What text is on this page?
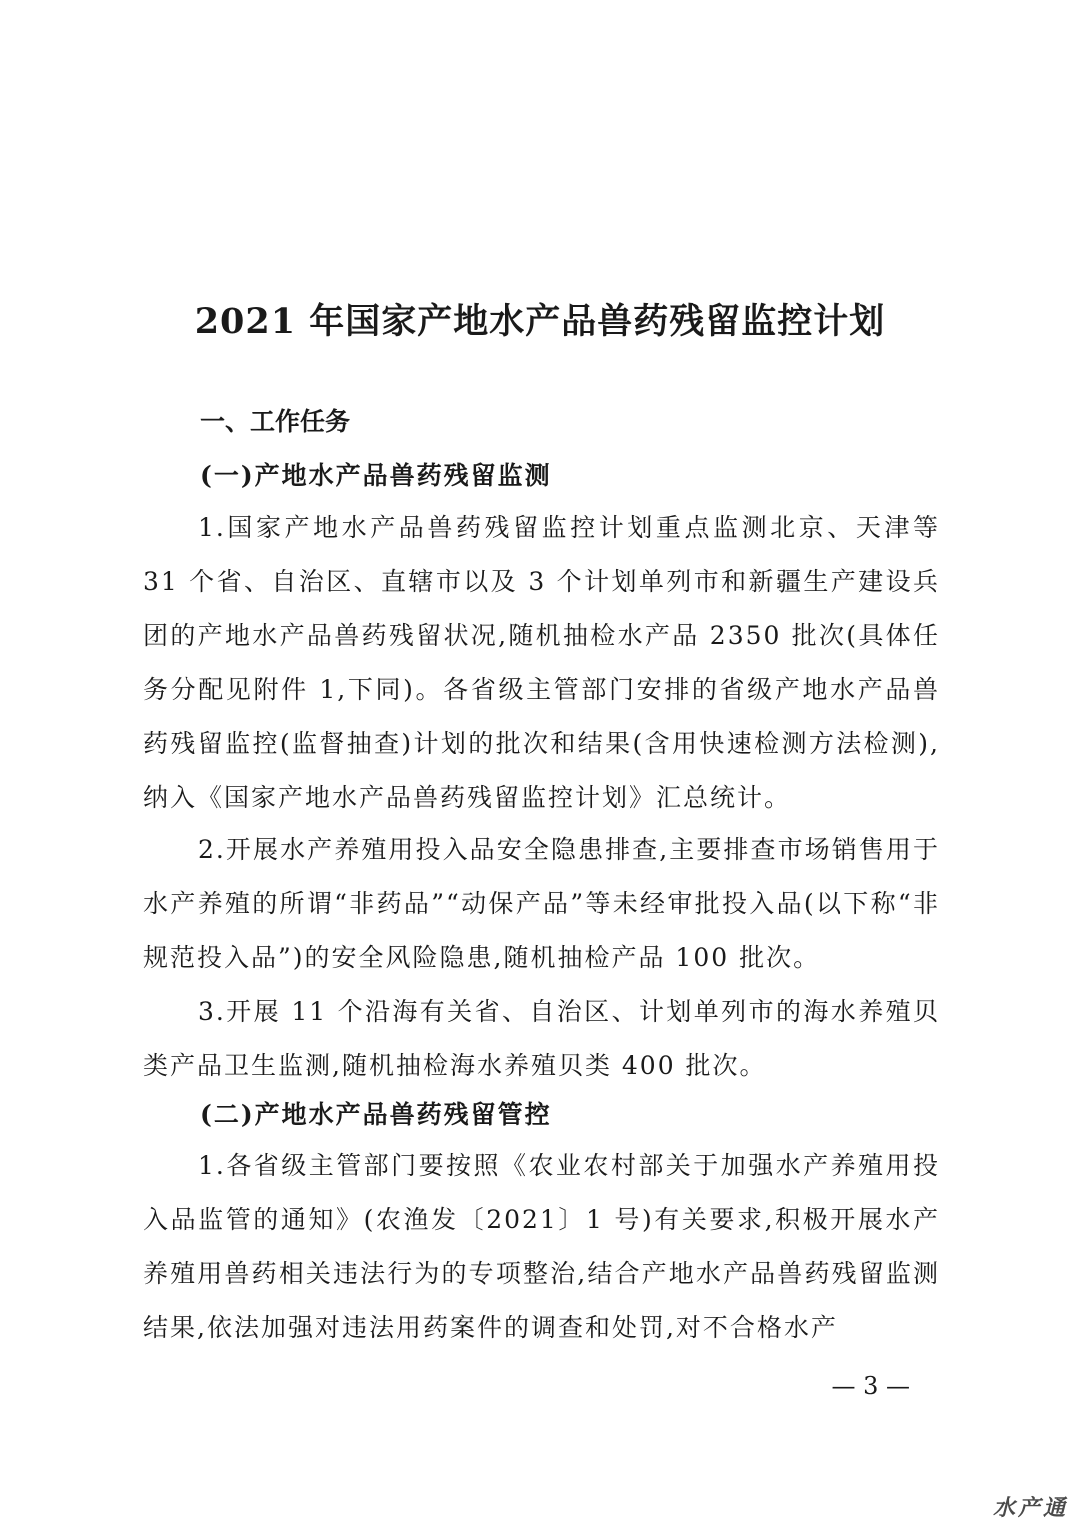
2021 年国家产地水产品兽药残留监控计划
一、工作任务
(一)产地水产品兽药残留监测

1.国家产地水产品兽药残留监控计划重点监测北京、天津等 31 个省、自治区、直辖市以及 3 个计划单列市和新疆生产建设兵团的产地水产品兽药残留状况,随机抽检水产品 2350 批次(具体任务分配见附件 1,下同)。各省级主管部门安排的省级产地水产品兽药残留监控(监督抽查)计划的批次和结果(含用快速检测方法检测),纳入《国家产地水产品兽药残留监控计划》汇总统计。

2.开展水产养殖用投入品安全隐患排查,主要排查市场销售用于水产养殖的所谓“非药品”“动保产品”等未经审批投入品(以下称“非规范投入品”)的安全风险隐患,随机抽检产品 100 批次。

3.开展 11 个沿海有关省、自治区、计划单列市的海水养殖贝类产品卫生监测,随机抽检海水养殖贝类 400 批次。

(二)产地水产品兽药残留管控

1.各省级主管部门要按照《农业农村部关于加强水产养殖用投入品监管的通知》(农渔发〔2021〕1 号)有关要求,积极开展水产养殖用兽药相关违法行为的专项整治,结合产地水产品兽药残留监测结果,依法加强对违法用药案件的调查和处罚,对不合格水产

— 3 —
水产通
